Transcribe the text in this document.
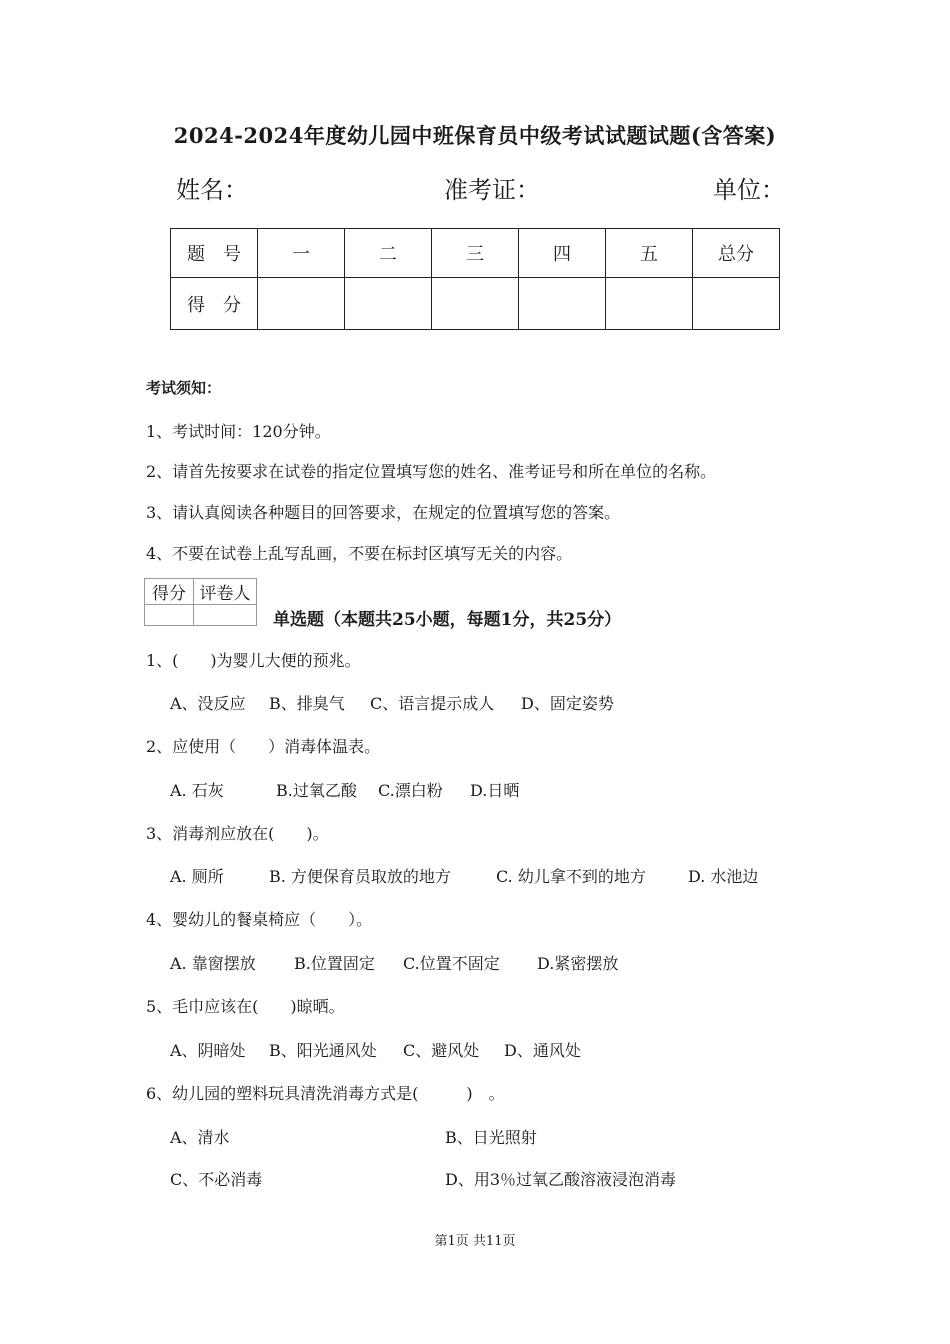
2024-2024年度幼儿园中班保育员中级考试试题试题(含答案)
姓名：	准考证：	单位：
题　号	一	二	三	四	五	总分
得　分						
考试须知：
1、考试时间：120分钟。
2、请首先按要求在试卷的指定位置填写您的姓名、准考证号和所在单位的名称。
3、请认真阅读各种题目的回答要求，在规定的位置填写您的答案。
4、不要在试卷上乱写乱画，不要在标封区填写无关的内容。
得分	评卷人

单选题（本题共25小题，每题1分，共25分）
1、(　　)为婴儿大便的预兆。
A、没反应 B、排臭气 C、语言提示成人 D、固定姿势
2、应使用（　　）消毒体温表。
A. 石灰	B.过氧乙酸 C.漂白粉 D.日晒
3、消毒剂应放在(　　)。
A. 厕所	B. 方便保育员取放的地方	C. 幼儿拿不到的地方	D. 水池边
4、婴幼儿的餐桌椅应（　　）。
A. 靠窗摆放 B.位置固定 C.位置不固定 D.紧密摆放
5、毛巾应该在(　　)晾晒。
A、阴暗处 B、阳光通风处 C、避风处 D、通风处
6、幼儿园的塑料玩具清洗消毒方式是(　　　)　。
A、清水	B、日光照射
C、不必消毒	D、用3％过氧乙酸溶液浸泡消毒
第1页 共11页
